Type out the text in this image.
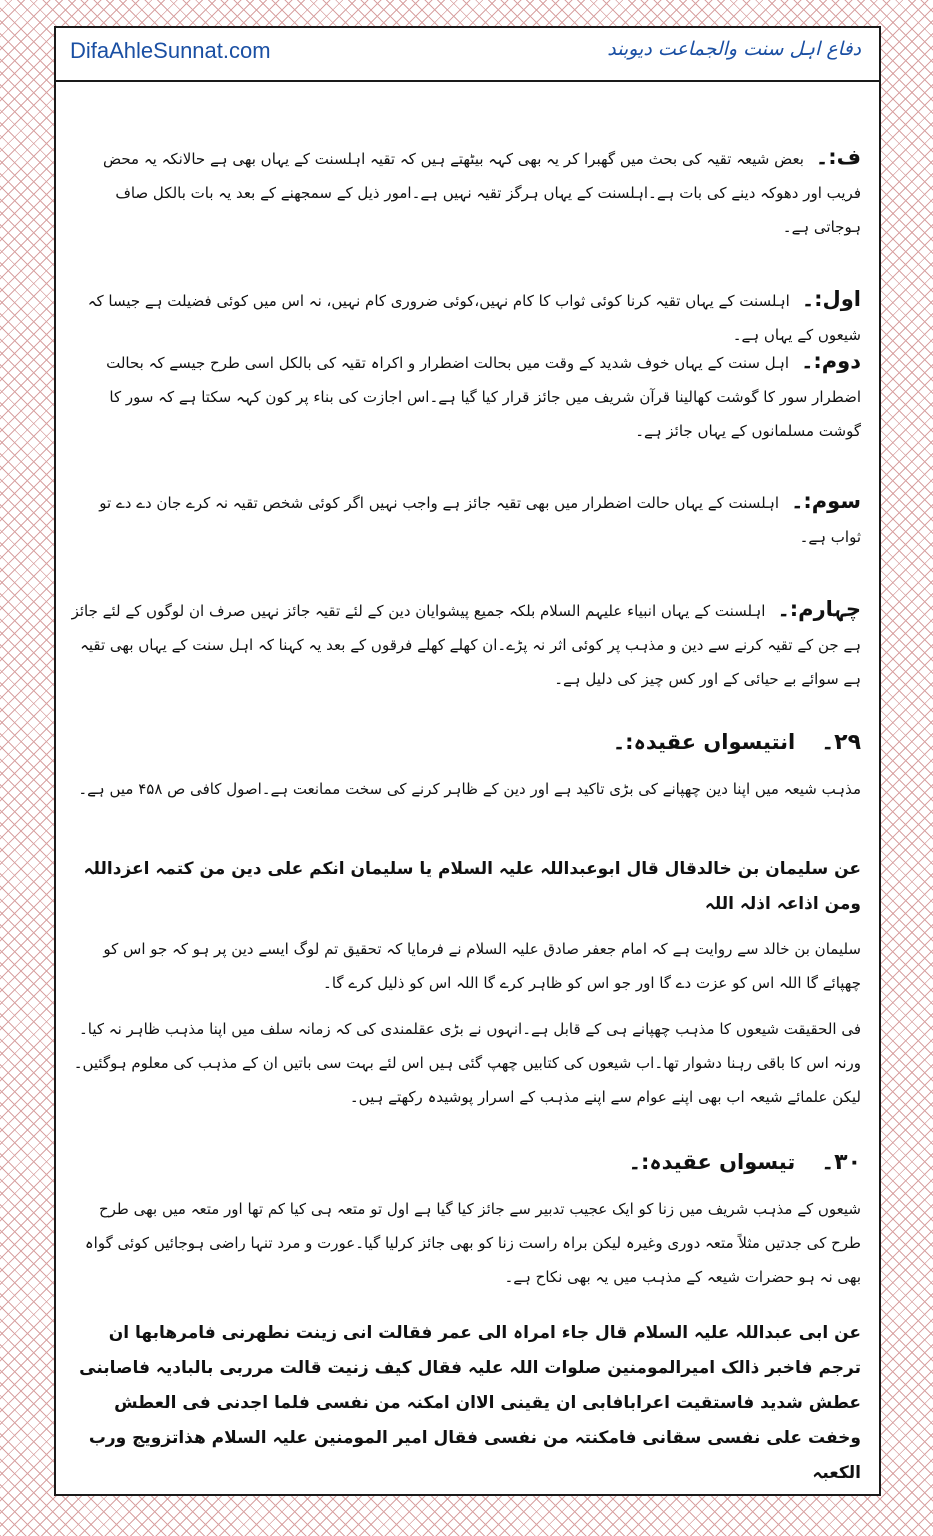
DifaAhleSunnat.com	دفاع اہل سنت والجماعت دیوبند
ف:۔بعض شیعہ تقیہ کی بحث میں گھبرا کر یہ بھی کہہ بیٹھتے ہیں کہ تقیہ اہلسنت کے یہاں بھی ہے حالانکہ یہ محض فریب اور دھوکہ دینے کی بات ہے۔اہلسنت کے یہاں ہرگز تقیہ نہیں ہے۔امور ذیل کے سمجھنے کے بعد یہ بات بالکل صاف ہوجاتی ہے۔
اول:۔اہلسنت کے یہاں تقیہ کرنا کوئی ثواب کا کام نہیں،کوئی ضروری کام نہیں، نہ اس میں کوئی فضیلت ہے جیسا کہ شیعوں کے یہاں ہے۔
دوم:۔اہل سنت کے یہاں خوف شدید کے وقت میں بحالت اضطرار و اکراہ تقیہ کی بالکل اسی طرح جیسے کہ بحالت اضطرار سور کا گوشت کھالینا قرآن شریف میں جائز قرار کیا گیا ہے۔اس اجازت کی بناء پر کون کہہ سکتا ہے کہ سور کا گوشت مسلمانوں کے یہاں جائز ہے۔
سوم:۔اہلسنت کے یہاں حالت اضطرار میں بھی تقیہ جائز ہے واجب نہیں اگر کوئی شخص تقیہ نہ کرے جان دے دے تو ثواب ہے۔
چہارم:۔اہلسنت کے یہاں انبیاء علیہم السلام بلکہ جمیع پیشوایان دین کے لئے تقیہ جائز نہیں صرف ان لوگوں کے لئے جائز ہے جن کے تقیہ کرنے سے دین و مذہب پر کوئی اثر نہ پڑے۔ان کھلے کھلے فرقوں کے بعد یہ کہنا کہ اہل سنت کے یہاں بھی تقیہ ہے سوائے بے حیائی کے اور کس چیز کی دلیل ہے۔
۲۹۔انتیسواں عقیدہ:۔
مذہب شیعہ میں اپنا دین چھپانے کی بڑی تاکید ہے اور دین کے ظاہر کرنے کی سخت ممانعت ہے۔اصول کافی ص ۴۵۸ میں ہے۔
عن سلیمان بن خالدقال قال ابوعبداللہ علیہ السلام یا سلیمان انکم علی دین من کتمہ اعزداللہ ومن اذاعہ اذلہ اللہ
سلیمان بن خالد سے روایت ہے کہ امام جعفر صادق علیہ السلام نے فرمایا کہ تحقیق تم لوگ ایسے دین پر ہو کہ جو اس کو چھپائے گا اللہ اس کو عزت دے گا اور جو اس کو ظاہر کرے گا اللہ اس کو ذلیل کرے گا۔
فی الحقیقت شیعوں کا مذہب چھپانے ہی کے قابل ہے۔انہوں نے بڑی عقلمندی کی کہ زمانہ سلف میں اپنا مذہب ظاہر نہ کیا۔ورنہ اس کا باقی رہنا دشوار تھا۔اب شیعوں کی کتابیں چھپ گئی ہیں اس لئے بہت سی باتیں ان کے مذہب کی معلوم ہوگئیں۔لیکن علمائے شیعہ اب بھی اپنے عوام سے اپنے مذہب کے اسرار پوشیدہ رکھتے ہیں۔
۳۰۔تیسواں عقیدہ:۔
شیعوں کے مذہب شریف میں زنا کو ایک عجیب تدبیر سے جائز کیا گیا ہے اول تو متعہ ہی کیا کم تھا اور متعہ میں بھی طرح طرح کی جدتیں مثلاً متعہ دوری وغیرہ لیکن براہ راست زنا کو بھی جائز کرلیا گیا۔عورت و مرد تنہا راضی ہوجائیں کوئی گواہ بھی نہ ہو حضرات شیعہ کے مذہب میں یہ بھی نکاح ہے۔
عن ابی عبداللہ علیہ السلام قال جاء امراہ الی عمر فقالت انی زینت نطھرنی فامرھابھا ان ترجم فاخبر ذالک امیرالمومنین صلوات اللہ علیہ فقال کیف زنیت قالت مرربی بالبادیہ فاصابنی عطش شدید فاستقیت اعرابافابی ان یقینی الاان امکنہ من نفسی فلما اجدنی فی العطش وخفت علی نفسی سقانی فامکنتہ من نفسی فقال امیر المومنین علیہ السلام ھذاتزویج ورب الکعبہ
